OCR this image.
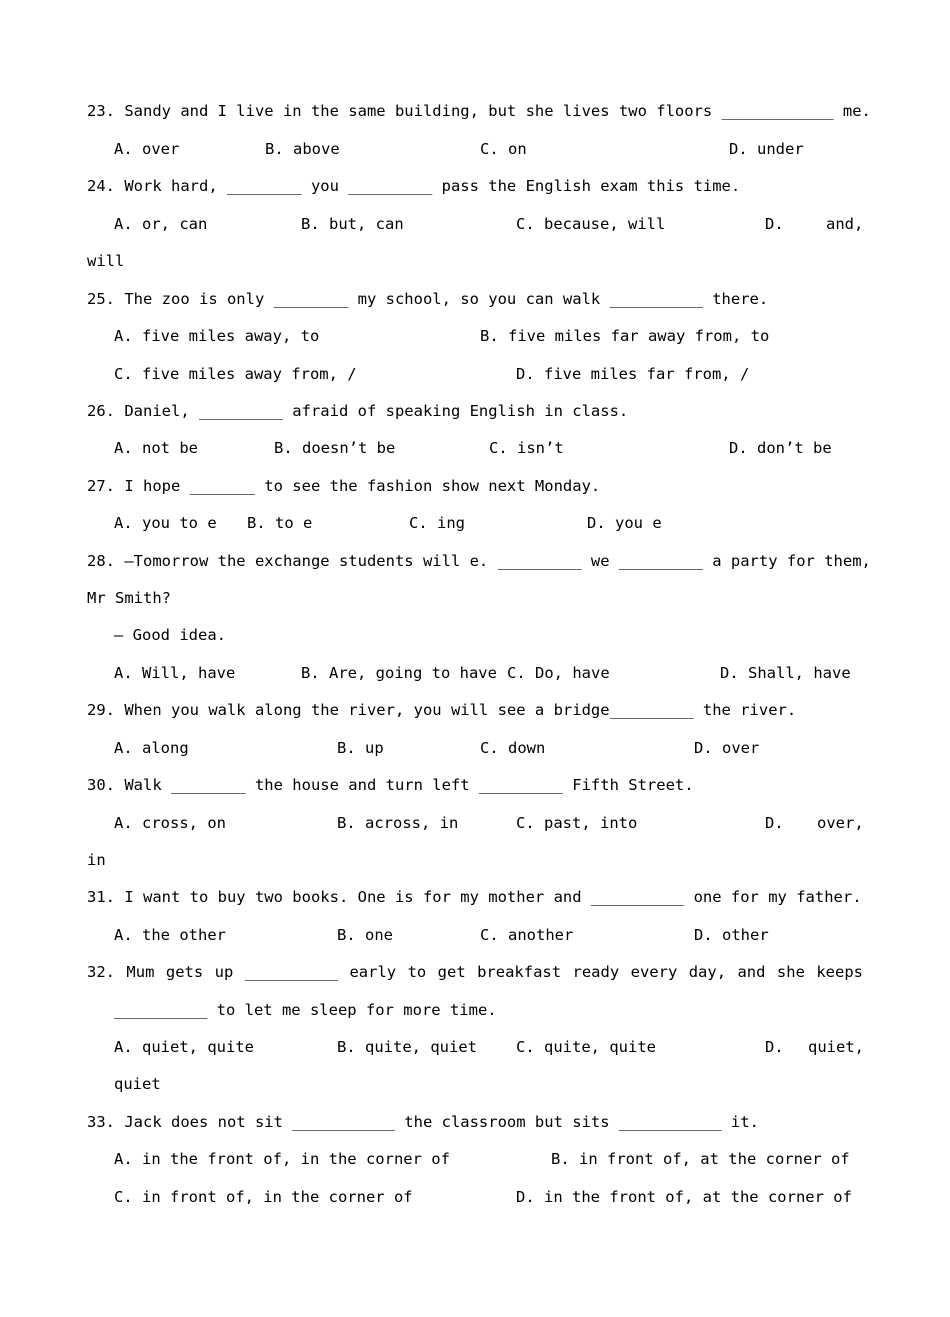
23. Sandy and I live in the same building, but she lives two floors ____________ me.
A. over	B. above	C. on	D. under
24. Work hard, ________ you _________ pass the English exam this time.
A. or, can	B. but, can	C. because, will	D.	and,
will
25. The zoo is only ________ my school, so you can walk __________ there.
A. five miles away, to	B. five miles far away from, to
C. five miles away from, /	D. five miles far from, /
26. Daniel, _________ afraid of speaking English in class.
A. not be	B. doesn’t be	C. isn’t	D. don’t be
27. I hope _______ to see the fashion show next Monday.
A. you to e B. to e	C. ing	D. you e
28. —Tomorrow the exchange students will e. _________ we _________ a party for them,
Mr Smith?
— Good idea.
A. Will, have	B. Are, going to have C. Do, have	D. Shall, have
29. When you walk along the river, you will see a bridge_________ the river.
A. along	B. up	C. down	D. over
30. Walk ________ the house and turn left _________ Fifth Street.
A. cross, on	B. across, in	C. past, into	D. over,
in
31. I want to buy two books. One is for my mother and __________ one for my father.
A. the other	B. one	C. another	D. other
32. Mum gets up __________ early to get breakfast ready every day, and she keeps
__________ to let me sleep for more time.
A. quiet, quite	B. quite, quiet	C. quite, quite	D. quiet,
quiet
33. Jack does not sit ___________ the classroom but sits ___________ it.
A. in the front of, in the corner of	B. in front of, at the corner of
C. in front of, in the corner of	D. in the front of, at the corner of
